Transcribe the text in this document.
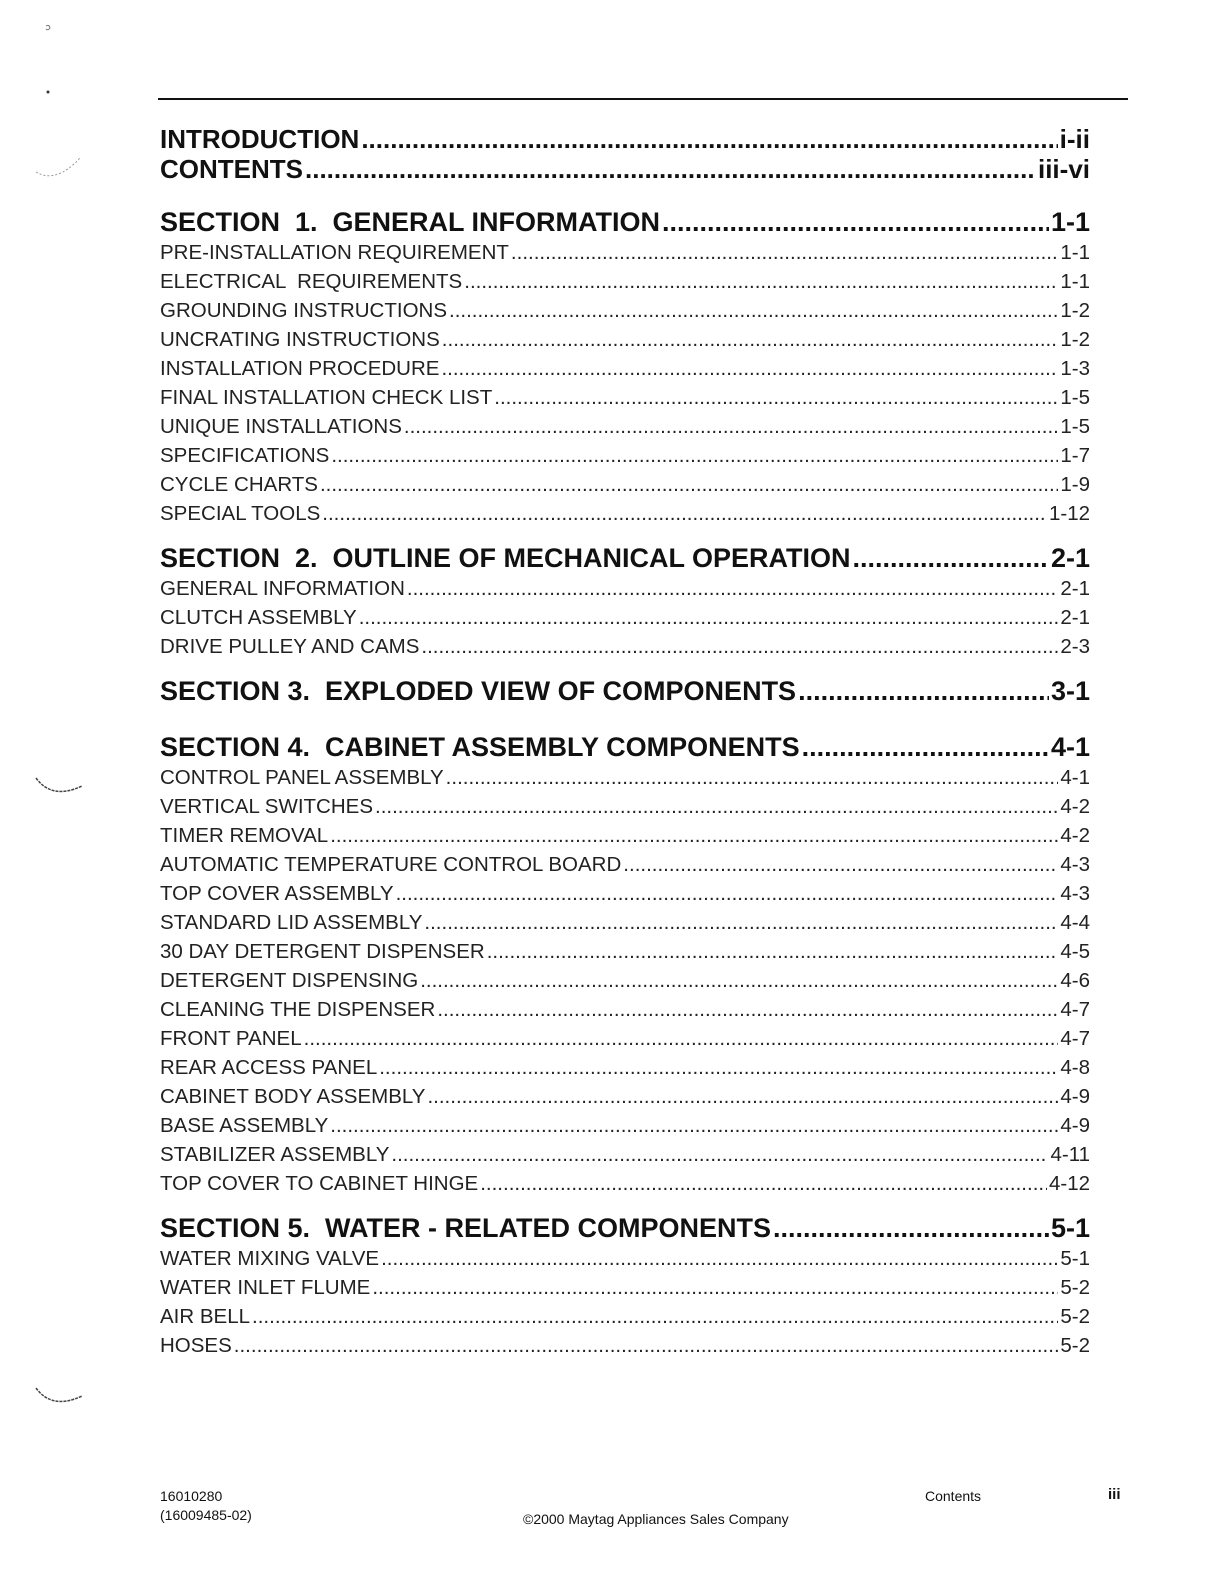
INTRODUCTION .....	i-ii
CONTENTS .....	iii-vi
SECTION  1.  GENERAL INFORMATION .....	1-1
PRE-INSTALLATION REQUIREMENT .....	1-1
ELECTRICAL  REQUIREMENTS .....	1-1
GROUNDING INSTRUCTIONS .....	1-2
UNCRATING INSTRUCTIONS .....	1-2
INSTALLATION PROCEDURE .....	1-3
FINAL INSTALLATION CHECK LIST .....	1-5
UNIQUE INSTALLATIONS .....	1-5
SPECIFICATIONS .....	1-7
CYCLE CHARTS .....	1-9
SPECIAL TOOLS .....	1-12
SECTION  2.  OUTLINE OF MECHANICAL OPERATION .....	2-1
GENERAL INFORMATION .....	2-1
CLUTCH ASSEMBLY .....	2-1
DRIVE PULLEY AND CAMS .....	2-3
SECTION 3.  EXPLODED VIEW OF COMPONENTS .....	3-1
SECTION 4.  CABINET ASSEMBLY COMPONENTS .....	4-1
CONTROL PANEL ASSEMBLY .....	4-1
VERTICAL SWITCHES .....	4-2
TIMER REMOVAL .....	4-2
AUTOMATIC TEMPERATURE CONTROL BOARD .....	4-3
TOP COVER ASSEMBLY .....	4-3
STANDARD LID ASSEMBLY .....	4-4
30 DAY DETERGENT DISPENSER .....	4-5
DETERGENT DISPENSING .....	4-6
CLEANING THE DISPENSER .....	4-7
FRONT PANEL .....	4-7
REAR ACCESS PANEL .....	4-8
CABINET BODY ASSEMBLY .....	4-9
BASE ASSEMBLY .....	4-9
STABILIZER ASSEMBLY .....	4-11
TOP COVER TO CABINET HINGE .....	4-12
SECTION 5.  WATER - RELATED COMPONENTS .....	5-1
WATER MIXING VALVE .....	5-1
WATER INLET FLUME .....	5-2
AIR BELL .....	5-2
HOSES .....	5-2
16010280
(16009485-02)	©2000 Maytag Appliances Sales Company
Contents	iii
